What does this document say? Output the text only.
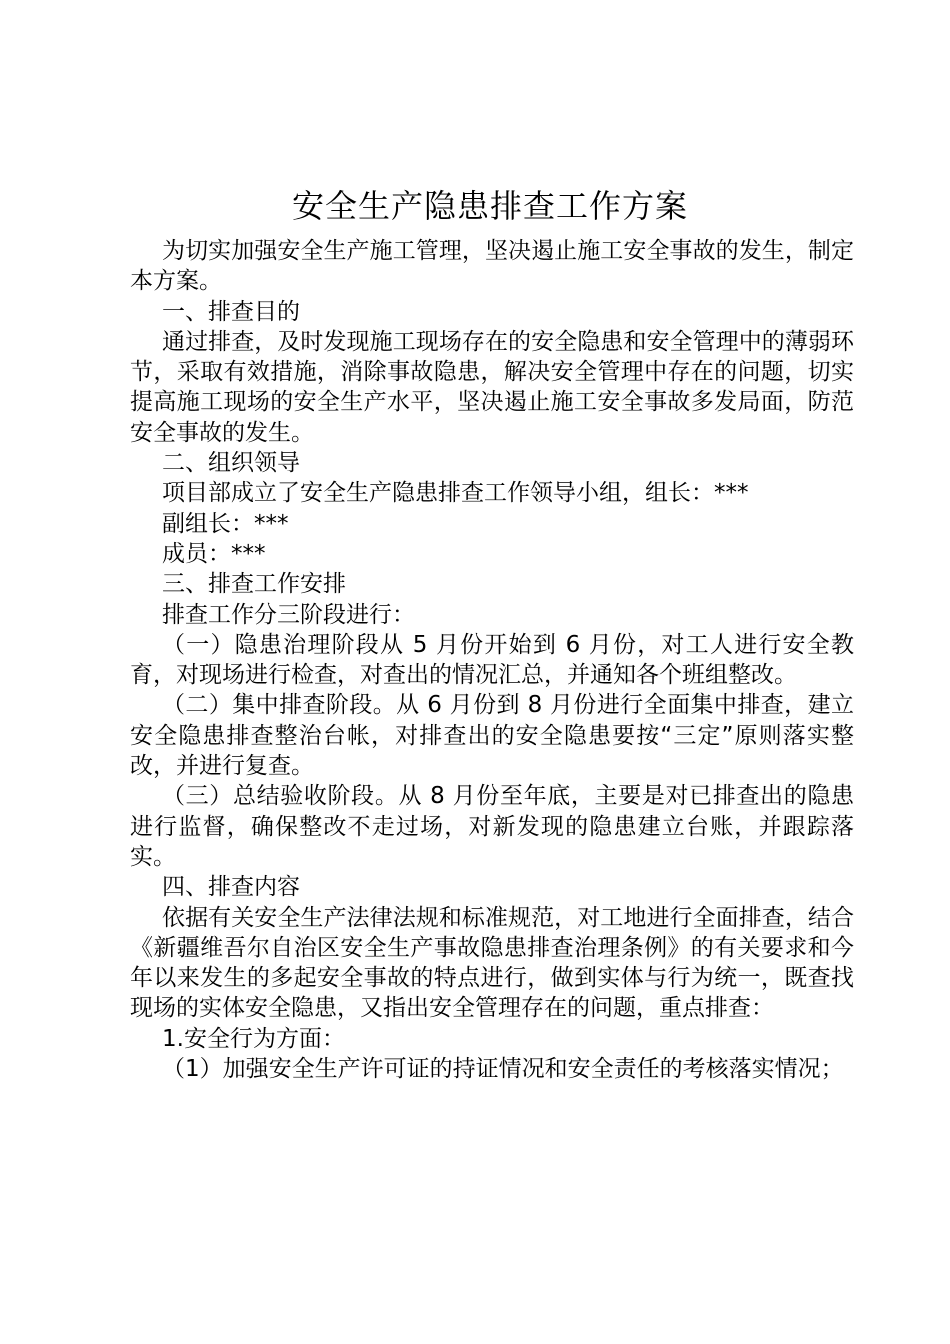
安全生产隐患排查工作方案

为切实加强安全生产施工管理，坚决遏止施工安全事故的发生，制定本方案。

一、排查目的

通过排查，及时发现施工现场存在的安全隐患和安全管理中的薄弱环节，采取有效措施，消除事故隐患，解决安全管理中存在的问题，切实提高施工现场的安全生产水平，坚决遏止施工安全事故多发局面，防范安全事故的发生。

二、组织领导

项目部成立了安全生产隐患排查工作领导小组，组长：***

副组长：***

成员：***

三、排查工作安排

排查工作分三阶段进行：

（一）隐患治理阶段从 5 月份开始到 6 月份，对工人进行安全教育，对现场进行检查，对查出的情况汇总，并通知各个班组整改。

（二）集中排查阶段。从 6 月份到 8 月份进行全面集中排查，建立安全隐患排查整治台帐，对排查出的安全隐患要按“三定”原则落实整改，并进行复查。

（三）总结验收阶段。从 8 月份至年底，主要是对已排查出的隐患进行监督，确保整改不走过场，对新发现的隐患建立台账，并跟踪落实。

四、排查内容

依据有关安全生产法律法规和标准规范，对工地进行全面排查，结合《新疆维吾尔自治区安全生产事故隐患排查治理条例》的有关要求和今年以来发生的多起安全事故的特点进行，做到实体与行为统一，既查找现场的实体安全隐患，又指出安全管理存在的问题，重点排查：

1.安全行为方面：

（1）加强安全生产许可证的持证情况和安全责任的考核落实情况；
